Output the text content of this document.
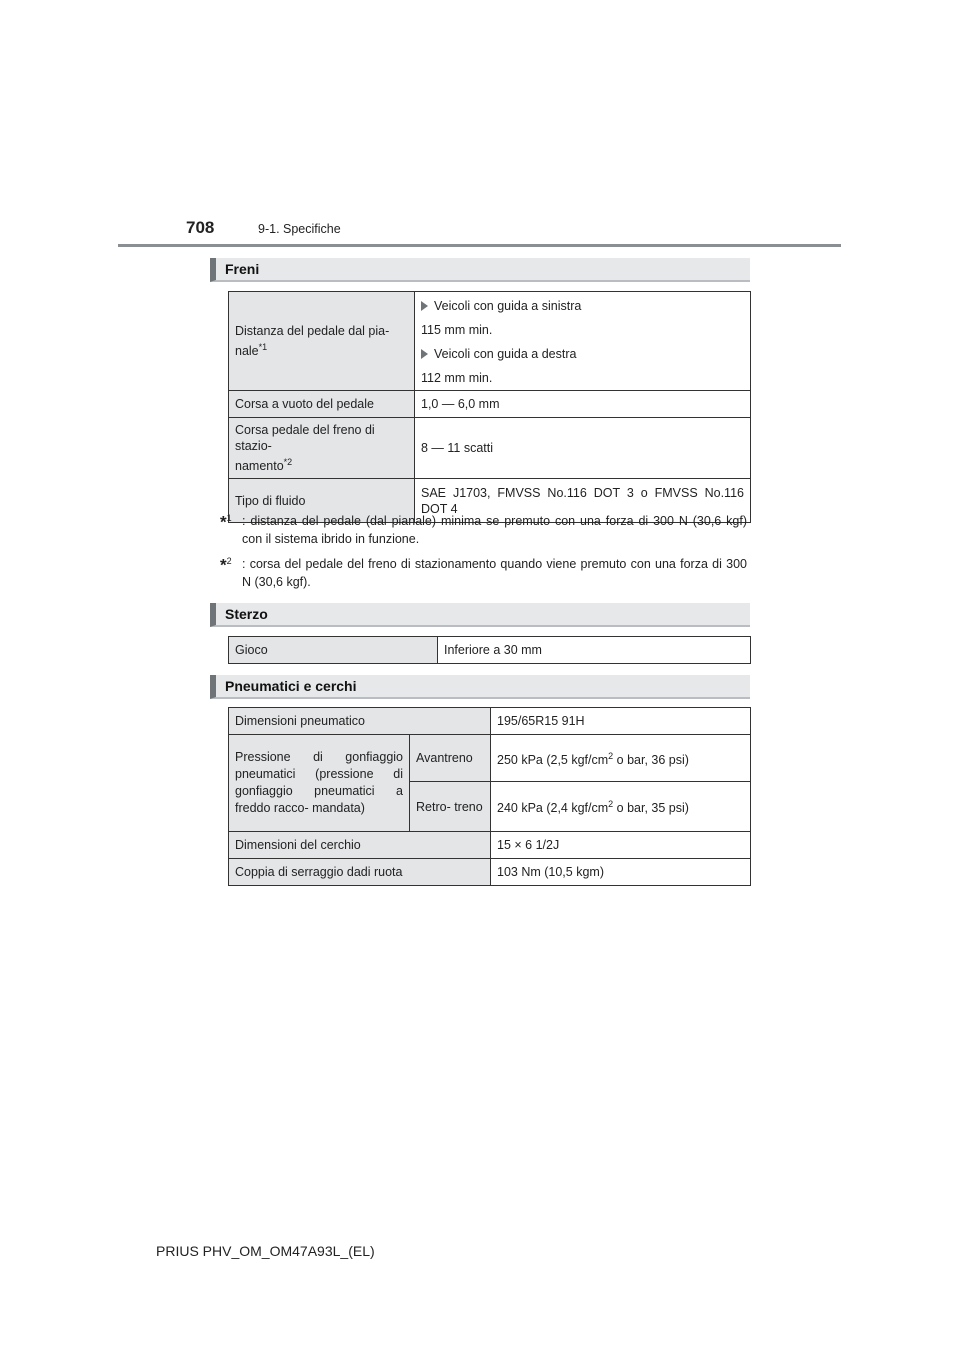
708	9-1. Specifiche
Freni
Distanza del pedale dal pia-
nale$^{*1}$	Veicoli con guida a sinistra
115 mm min.
Veicoli con guida a destra
112 mm min.

Corsa a vuoto del pedale	1,0 — 6,0 mm
Corsa pedale del freno di stazio-
namento$^{*2}$	8 — 11 scatti
Tipo di fluido	SAE J1703, FMVSS No.116 DOT 3 o FMVSS No.116 DOT 4
*$^1$ : distanza del pedale (dal pianale) minima se premuto con una forza di 300 N (30,6 kgf) con il sistema ibrido in funzione.
*$^2$ : corsa del pedale del freno di stazionamento quando viene premuto con una forza di 300 N (30,6 kgf).
Sterzo
Gioco	Inferiore a 30 mm
Pneumatici e cerchi
Dimensioni pneumatico		195/65R15 91H
Pressione di gonfiaggio pneumatici (pressione di gonfiaggio pneumatici a freddo racco- mandata)	Avantreno	250 kPa (2,5 kgf/$cm^2$ o bar, 36 psi)
	Retro- treno	240 kPa (2,4 kgf/$cm^2$ o bar, 35 psi)
Dimensioni del cerchio		15 × 6 1/2J
Coppia di serraggio dadi ruota		103 Nm (10,5 kgm)
PRIUS PHV_OM_OM47A93L_(EL)
